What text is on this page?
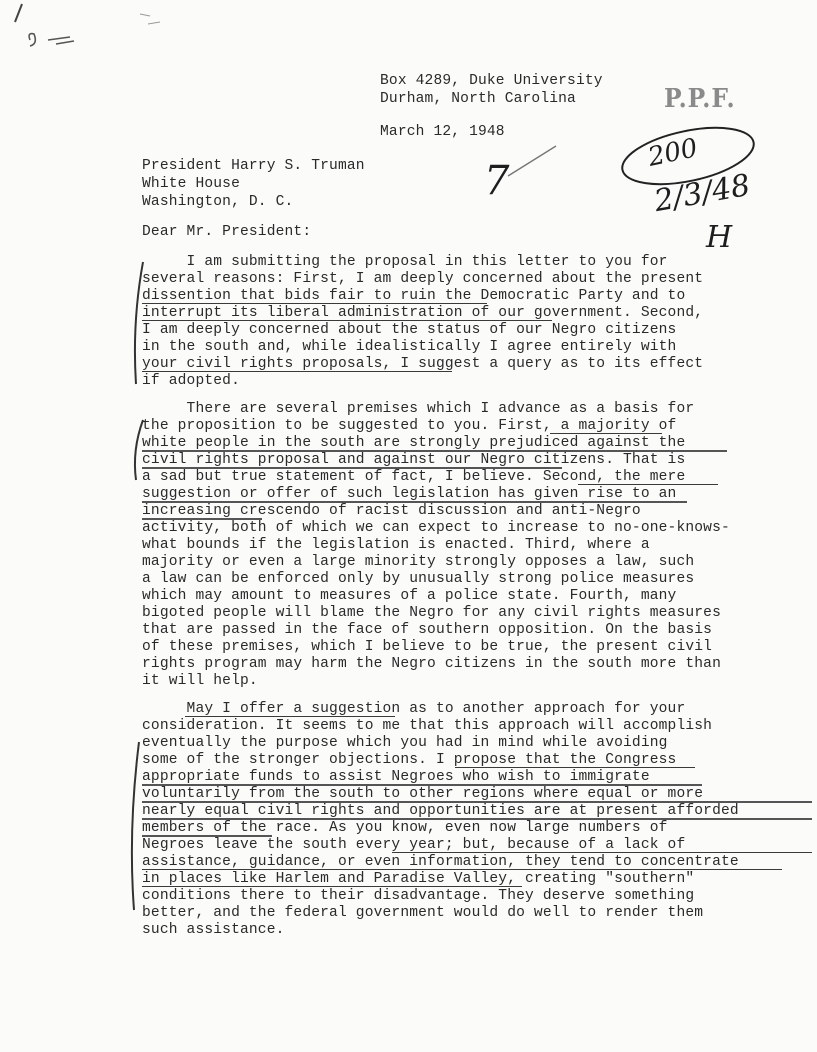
P.P.F.
200
2/3/48
H
7
Box 4289, Duke University
Durham, North Carolina
March 12, 1948
President Harry S. Truman
White House
Washington, D. C.
Dear Mr. President:
I am submitting the proposal in this letter to you for
several reasons: First, I am deeply concerned about the present
dissention that bids fair to ruin the Democratic Party and to
interrupt its liberal administration of our government. Second,
I am deeply concerned about the status of our Negro citizens
in the south and, while idealistically I agree entirely with
your civil rights proposals, I suggest a query as to its effect
if adopted.
There are several premises which I advance as a basis for
the proposition to be suggested to you. First, a majority of
white people in the south are strongly prejudiced against the
civil rights proposal and against our Negro citizens. That is
a sad but true statement of fact, I believe. Second, the mere
suggestion or offer of such legislation has given rise to an
increasing crescendo of racist discussion and anti-Negro
activity, both of which we can expect to increase to no-one-knows-
what bounds if the legislation is enacted. Third, where a
majority or even a large minority strongly opposes a law, such
a law can be enforced only by unusually strong police measures
which may amount to measures of a police state. Fourth, many
bigoted people will blame the Negro for any civil rights measures
that are passed in the face of southern opposition. On the basis
of these premises, which I believe to be true, the present civil
rights program may harm the Negro citizens in the south more than
it will help.
May I offer a suggestion as to another approach for your
consideration. It seems to me that this approach will accomplish
eventually the purpose which you had in mind while avoiding
some of the stronger objections. I propose that the Congress
appropriate funds to assist Negroes who wish to immigrate
voluntarily from the south to other regions where equal or more
nearly equal civil rights and opportunities are at present afforded
members of the race. As you know, even now large numbers of
Negroes leave the south every year; but, because of a lack of
assistance, guidance, or even information, they tend to concentrate
in places like Harlem and Paradise Valley, creating "southern"
conditions there to their disadvantage. They deserve something
better, and the federal government would do well to render them
such assistance.
